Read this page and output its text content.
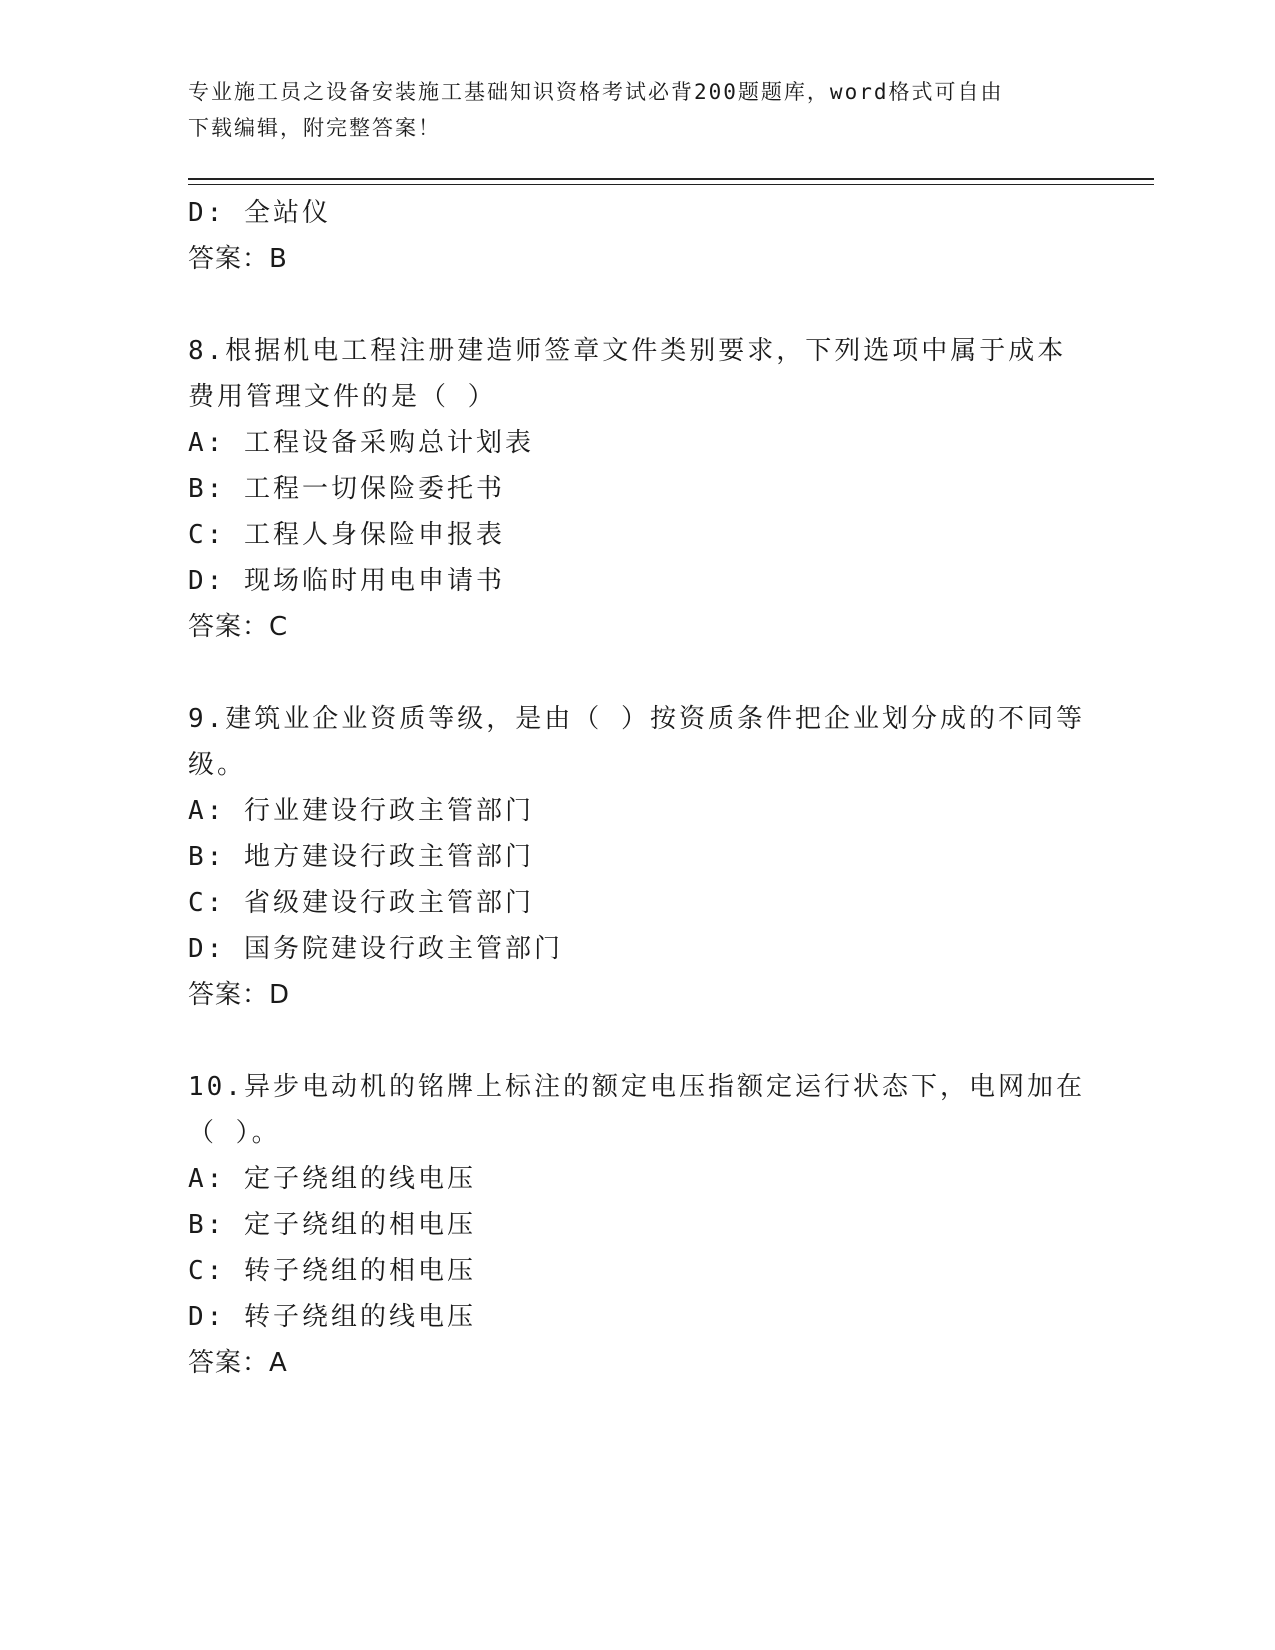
专业施工员之设备安装施工基础知识资格考试必背200题题库，word格式可自由
下载编辑，附完整答案！
D: 全站仪
答案：B
8.根据机电工程注册建造师签章文件类别要求，下列选项中属于成本
费用管理文件的是（ ）
A: 工程设备采购总计划表
B: 工程一切保险委托书
C: 工程人身保险申报表
D: 现场临时用电申请书
答案：C
9.建筑业企业资质等级，是由（ ）按资质条件把企业划分成的不同等
级。
A: 行业建设行政主管部门
B: 地方建设行政主管部门
C: 省级建设行政主管部门
D: 国务院建设行政主管部门
答案：D
10.异步电动机的铭牌上标注的额定电压指额定运行状态下，电网加在
（ ）。
A: 定子绕组的线电压
B: 定子绕组的相电压
C: 转子绕组的相电压
D: 转子绕组的线电压
答案：A
